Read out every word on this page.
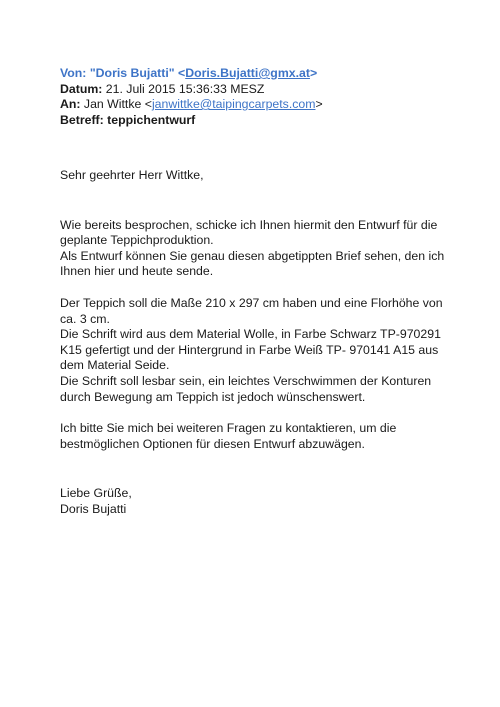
Von: "Doris Bujatti" <Doris.Bujatti@gmx.at>
Datum: 21. Juli 2015 15:36:33 MESZ
An: Jan Wittke <janwittke@taipingcarpets.com>
Betreff: teppichentwurf

Sehr geehrter Herr Wittke,

Wie bereits besprochen, schicke ich Ihnen hiermit den Entwurf für die

geplante Teppichproduktion.

Als Entwurf können Sie genau diesen abgetippten Brief sehen, den ich

Ihnen hier und heute sende.

Der Teppich soll die Maße 210 x 297 cm haben und eine Florhöhe von

ca. 3 cm.

Die Schrift wird aus dem Material Wolle, in Farbe Schwarz TP-970291

K15 gefertigt und der Hintergrund in Farbe Weiß TP- 970141 A15 aus

dem Material Seide.

Die Schrift soll lesbar sein, ein leichtes Verschwimmen der Konturen

durch Bewegung am Teppich ist jedoch wünschenswert.

Ich bitte Sie mich bei weiteren Fragen zu kontaktieren, um die

bestmöglichen Optionen für diesen Entwurf abzuwägen.

Liebe Grüße,

Doris Bujatti
